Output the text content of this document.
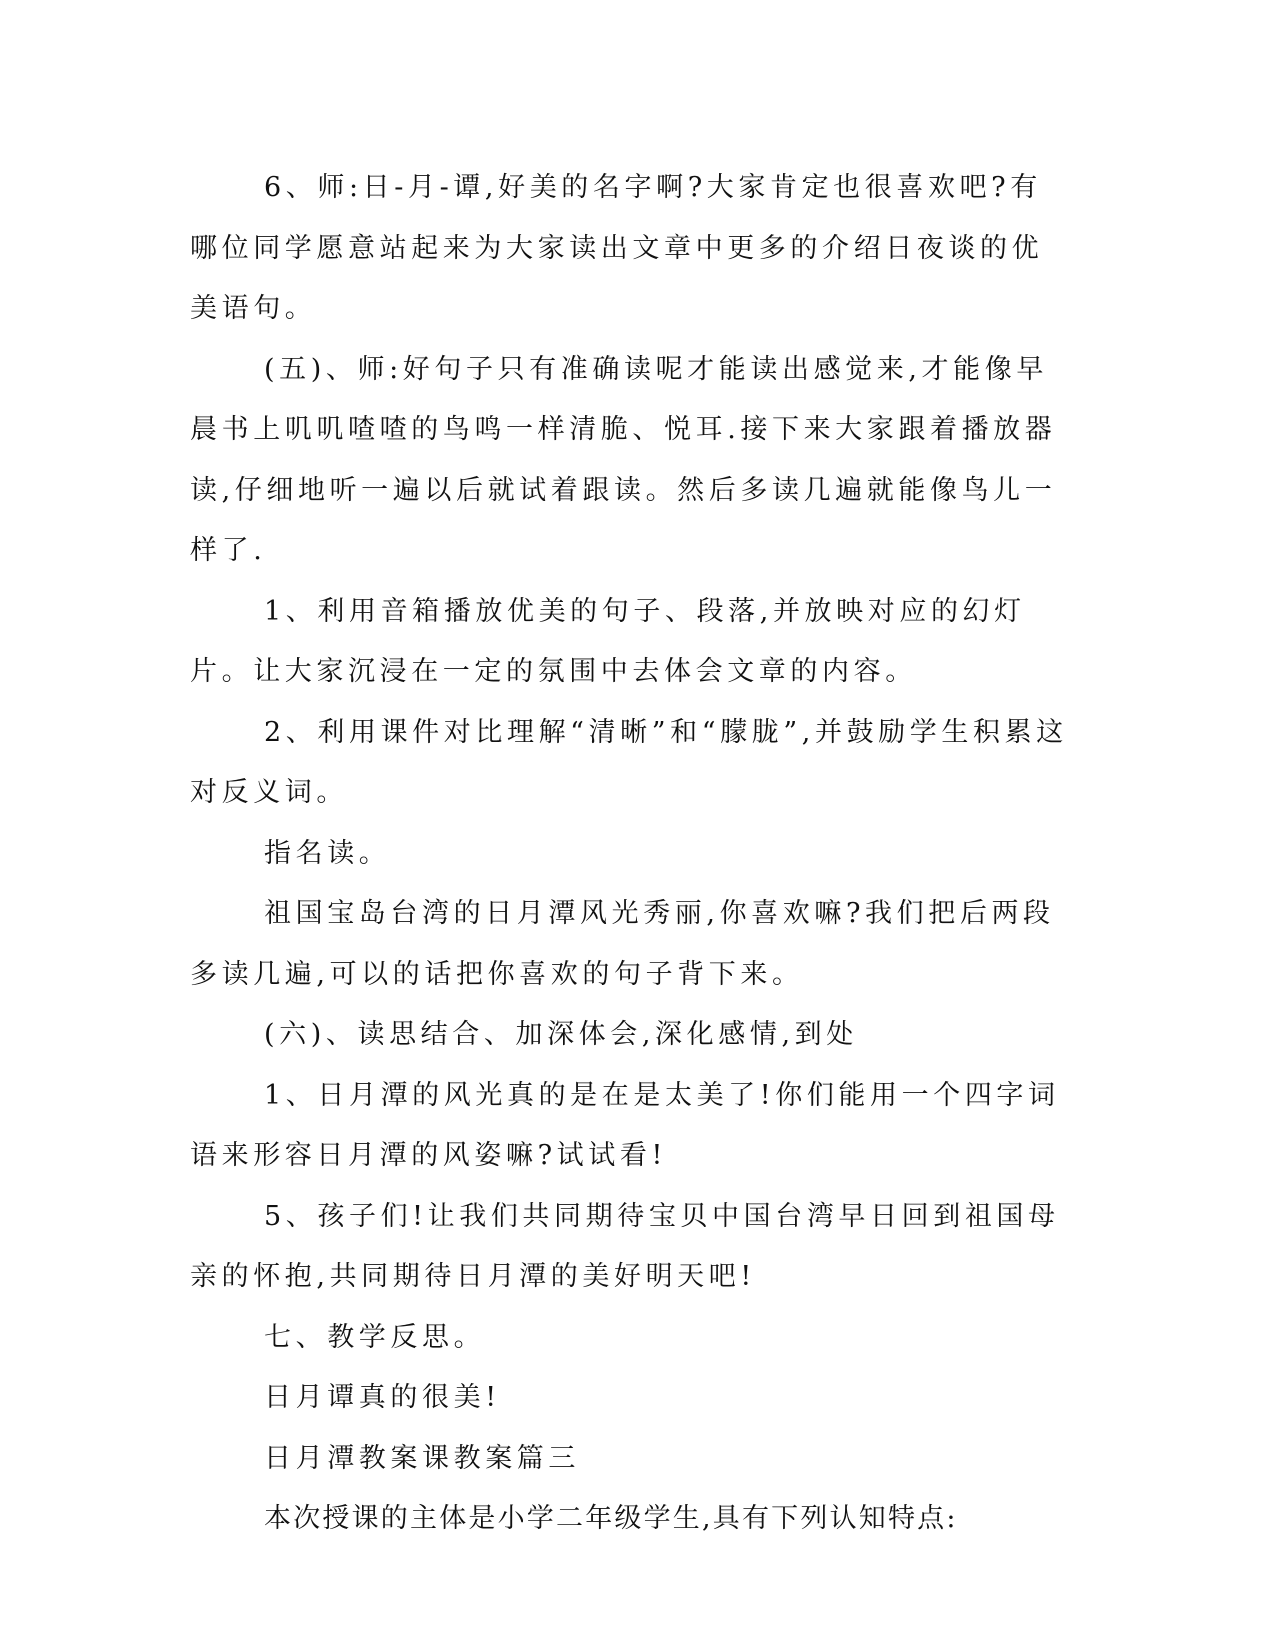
6、师:日-月-谭,好美的名字啊?大家肯定也很喜欢吧?有哪位同学愿意站起来为大家读出文章中更多的介绍日夜谈的优美语句。

(五)、师:好句子只有准确读呢才能读出感觉来,才能像早晨书上叽叽喳喳的鸟鸣一样清脆、悦耳.接下来大家跟着播放器读,仔细地听一遍以后就试着跟读。然后多读几遍就能像鸟儿一样了.

1、利用音箱播放优美的句子、段落,并放映对应的幻灯片。让大家沉浸在一定的氛围中去体会文章的内容。

2、利用课件对比理解“清晰”和“朦胧”,并鼓励学生积累这对反义词。

指名读。

祖国宝岛台湾的日月潭风光秀丽,你喜欢嘛?我们把后两段多读几遍,可以的话把你喜欢的句子背下来。

(六)、读思结合、加深体会,深化感情,到处

1、日月潭的风光真的是在是太美了!你们能用一个四字词语来形容日月潭的风姿嘛?试试看!

5、孩子们!让我们共同期待宝贝中国台湾早日回到祖国母亲的怀抱,共同期待日月潭的美好明天吧!

七、教学反思。

日月谭真的很美!

日月潭教案课教案篇三

本次授课的主体是小学二年级学生,具有下列认知特点:
